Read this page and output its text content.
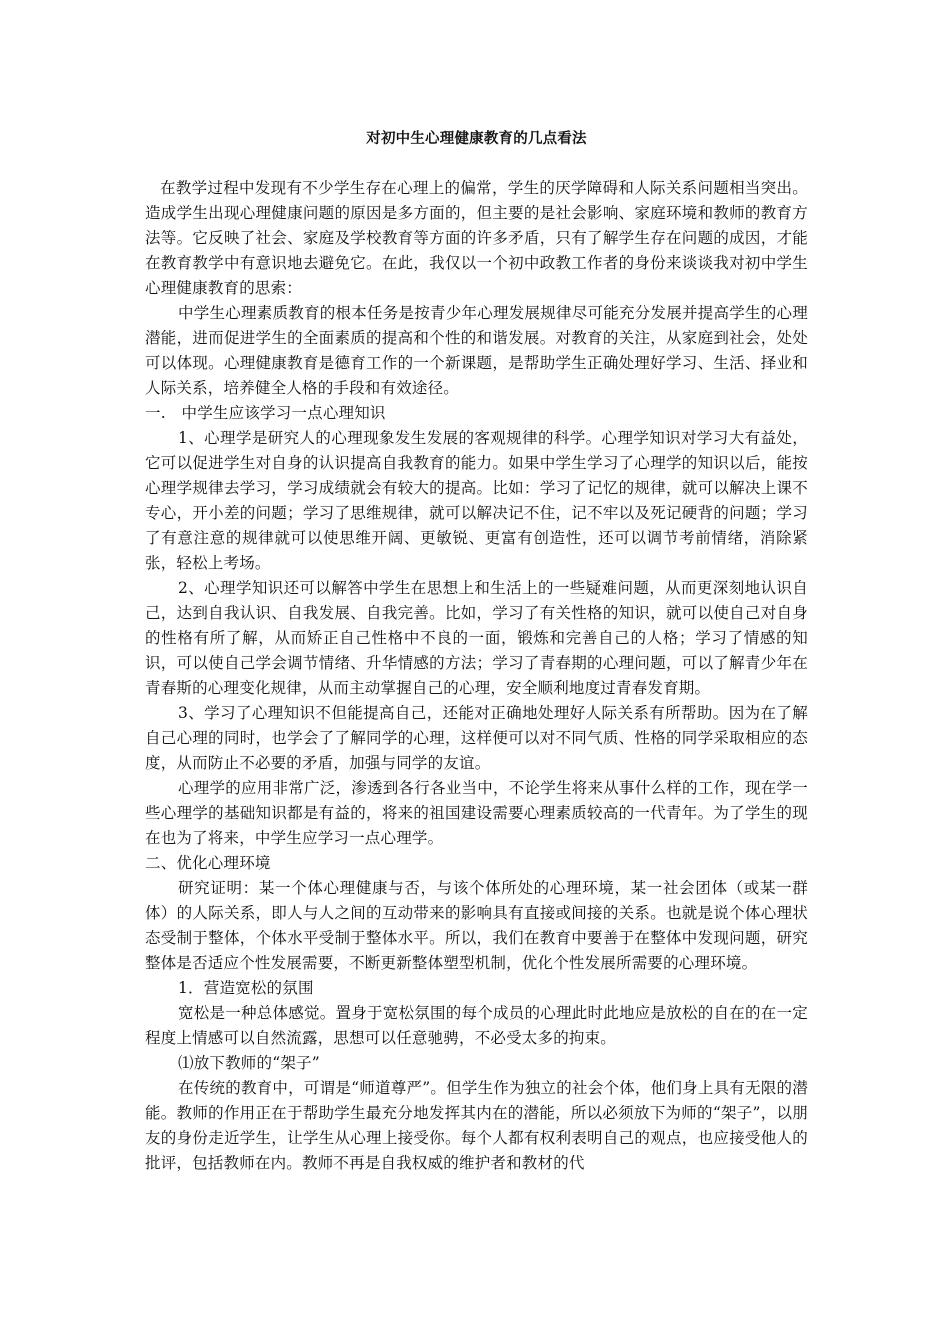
对初中生心理健康教育的几点看法

在教学过程中发现有不少学生存在心理上的偏常，学生的厌学障碍和人际关系问题相当突出。造成学生出现心理健康问题的原因是多方面的，但主要的是社会影响、家庭环境和教师的教育方法等。它反映了社会、家庭及学校教育等方面的许多矛盾，只有了解学生存在问题的成因，才能在教育教学中有意识地去避免它。在此，我仅以一个初中政教工作者的身份来谈谈我对初中学生心理健康教育的思索：

中学生心理素质教育的根本任务是按青少年心理发展规律尽可能充分发展并提高学生的心理潜能，进而促进学生的全面素质的提高和个性的和谐发展。对教育的关注，从家庭到社会，处处可以体现。心理健康教育是德育工作的一个新课题，是帮助学生正确处理好学习、生活、择业和人际关系，培养健全人格的手段和有效途径。

一.　中学生应该学习一点心理知识

1、心理学是研究人的心理现象发生发展的客观规律的科学。心理学知识对学习大有益处，它可以促进学生对自身的认识提高自我教育的能力。如果中学生学习了心理学的知识以后，能按心理学规律去学习，学习成绩就会有较大的提高。比如：学习了记忆的规律，就可以解决上课不专心，开小差的问题；学习了思维规律，就可以解决记不住，记不牢以及死记硬背的问题；学习了有意注意的规律就可以使思维开阔、更敏锐、更富有创造性，还可以调节考前情绪，消除紧张，轻松上考场。

2、心理学知识还可以解答中学生在思想上和生活上的一些疑难问题，从而更深刻地认识自己，达到自我认识、自我发展、自我完善。比如，学习了有关性格的知识，就可以使自己对自身的性格有所了解，从而矫正自己性格中不良的一面，锻炼和完善自己的人格；学习了情感的知识，可以使自己学会调节情绪、升华情感的方法；学习了青春期的心理问题，可以了解青少年在青春斯的心理变化规律，从而主动掌握自己的心理，安全顺利地度过青春发育期。

3、学习了心理知识不但能提高自己，还能对正确地处理好人际关系有所帮助。因为在了解自己心理的同时，也学会了了解同学的心理，这样便可以对不同气质、性格的同学采取相应的态度，从而防止不必要的矛盾，加强与同学的友谊。

心理学的应用非常广泛，渗透到各行各业当中，不论学生将来从事什么样的工作，现在学一些心理学的基础知识都是有益的，将来的祖国建设需要心理素质较高的一代青年。为了学生的现在也为了将来，中学生应学习一点心理学。

二、优化心理环境

研究证明：某一个体心理健康与否，与该个体所处的心理环境，某一社会团体（或某一群体）的人际关系，即人与人之间的互动带来的影响具有直接或间接的关系。也就是说个体心理状态受制于整体，个体水平受制于整体水平。所以，我们在教育中要善于在整体中发现问题，研究整体是否适应个性发展需要，不断更新整体塑型机制，优化个性发展所需要的心理环境。

1．营造宽松的氛围

宽松是一种总体感觉。置身于宽松氛围的每个成员的心理此时此地应是放松的自在的在一定程度上情感可以自然流露，思想可以任意驰骋，不必受太多的拘束。

⑴放下教师的“架子”

在传统的教育中，可谓是“师道尊严”。但学生作为独立的社会个体，他们身上具有无限的潜能。教师的作用正在于帮助学生最充分地发挥其内在的潜能，所以必须放下为师的“架子”，以朋友的身份走近学生，让学生从心理上接受你。每个人都有权利表明自己的观点，也应接受他人的批评，包括教师在内。教师不再是自我权威的维护者和教材的代
